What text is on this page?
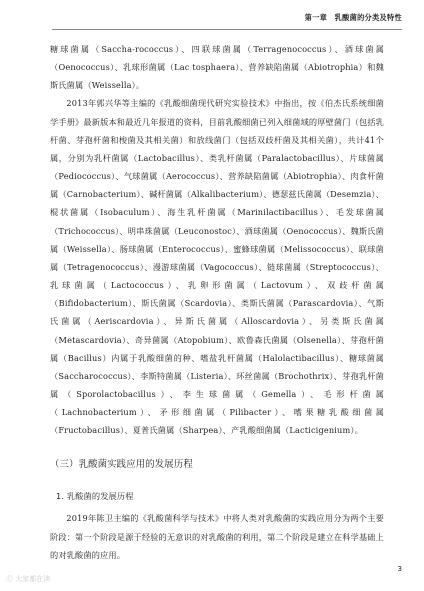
第一章　乳酸菌的分类及特性

糖球菌属（Saccha-rococcus）、四联球菌属（Terragenococcus）、酒球菌属（Oenococcus）、乳球形菌属（Lac tosphaera）、营养缺陷菌属（Abiotrophia）和魏斯氏菌属（Weissella）。

2013年郭兴华等主编的《乳酸细菌现代研究实验技术》中指出，按《伯杰氏系统细菌学手册》最新版本和最近几年报道的资料，目前乳酸细菌已列入细菌域的厚壁菌门（包括乳杆菌、芽孢杆菌和梭菌及其相关菌）和放线菌门（包括双歧杆菌及其相关菌），共计41个属，分别为乳杆菌属（Lactobacillus）、类乳杆菌属（Paralactobacillus）、片球菌属（Pediococcus）、气球菌属（Aerococcus）、营养缺陷菌属（Abiotrophia）、肉食杆菌属（Carnobacterium）、碱杆菌属（Alkalibacterium）、德瑟兹氏菌属（Desemzia）、棍状菌属（Isobaculum）、海生乳杆菌属（Marinilactibacillus）、毛发球菌属（Trichococcus）、明串珠菌属（Leuconostoc）、酒球菌属（Oenococcus）、魏斯氏菌属（Weissella）、肠球菌属（Enterococcus）、蜜蜂球菌属（Melissococcus）、联球菌属（Tetragenococcus）、漫游球菌属（Vagococcus）、链球菌属（Streptococcus）、乳球菌属（Lactococcus）、乳卵形菌属（Lactovum）、双歧杆菌属（Bifidobacterium）、斯氏菌属（Scardovia）、类斯氏菌属（Parascardovia）、气斯氏菌属（Aeriscardovia）、异斯氏菌属（Alloscardovia）、另类斯氏菌属（Metascardovia）、奇异菌属（Atopobium）、欧鲁森氏菌属（Olsenella）、芽孢杆菌属（Bacillus）内属于乳酸细菌的种、嗜盐乳杆菌属（Halolactibacillus）、糖球菌属（Saccharococcus）、李斯特菌属（Listeria）、环丝菌属（Brochothrix）、芽孢乳杆菌属（Sporolactobacillus）、李生球菌属（Gemella）、毛形杆菌属（Lachnobacterium）、矛形细菌属（Pilibacter）、嗜果糖乳酸细菌属（Fructobacillus）、夏普氏菌属（Sharpea）、产乳酸细菌属（Lacticigenium）。

（三）乳酸菌实践应用的发展历程
1. 乳酸菌的发展历程

2019年陈卫主编的《乳酸菌科学与技术》中将人类对乳酸菌的实践应用分为两个主要阶段：第一个阶段是源于经验的无意识的对乳酸菌的利用，第二个阶段是建立在科学基础上的对乳酸菌的应用。

3
Ⓒ 大家都在读
